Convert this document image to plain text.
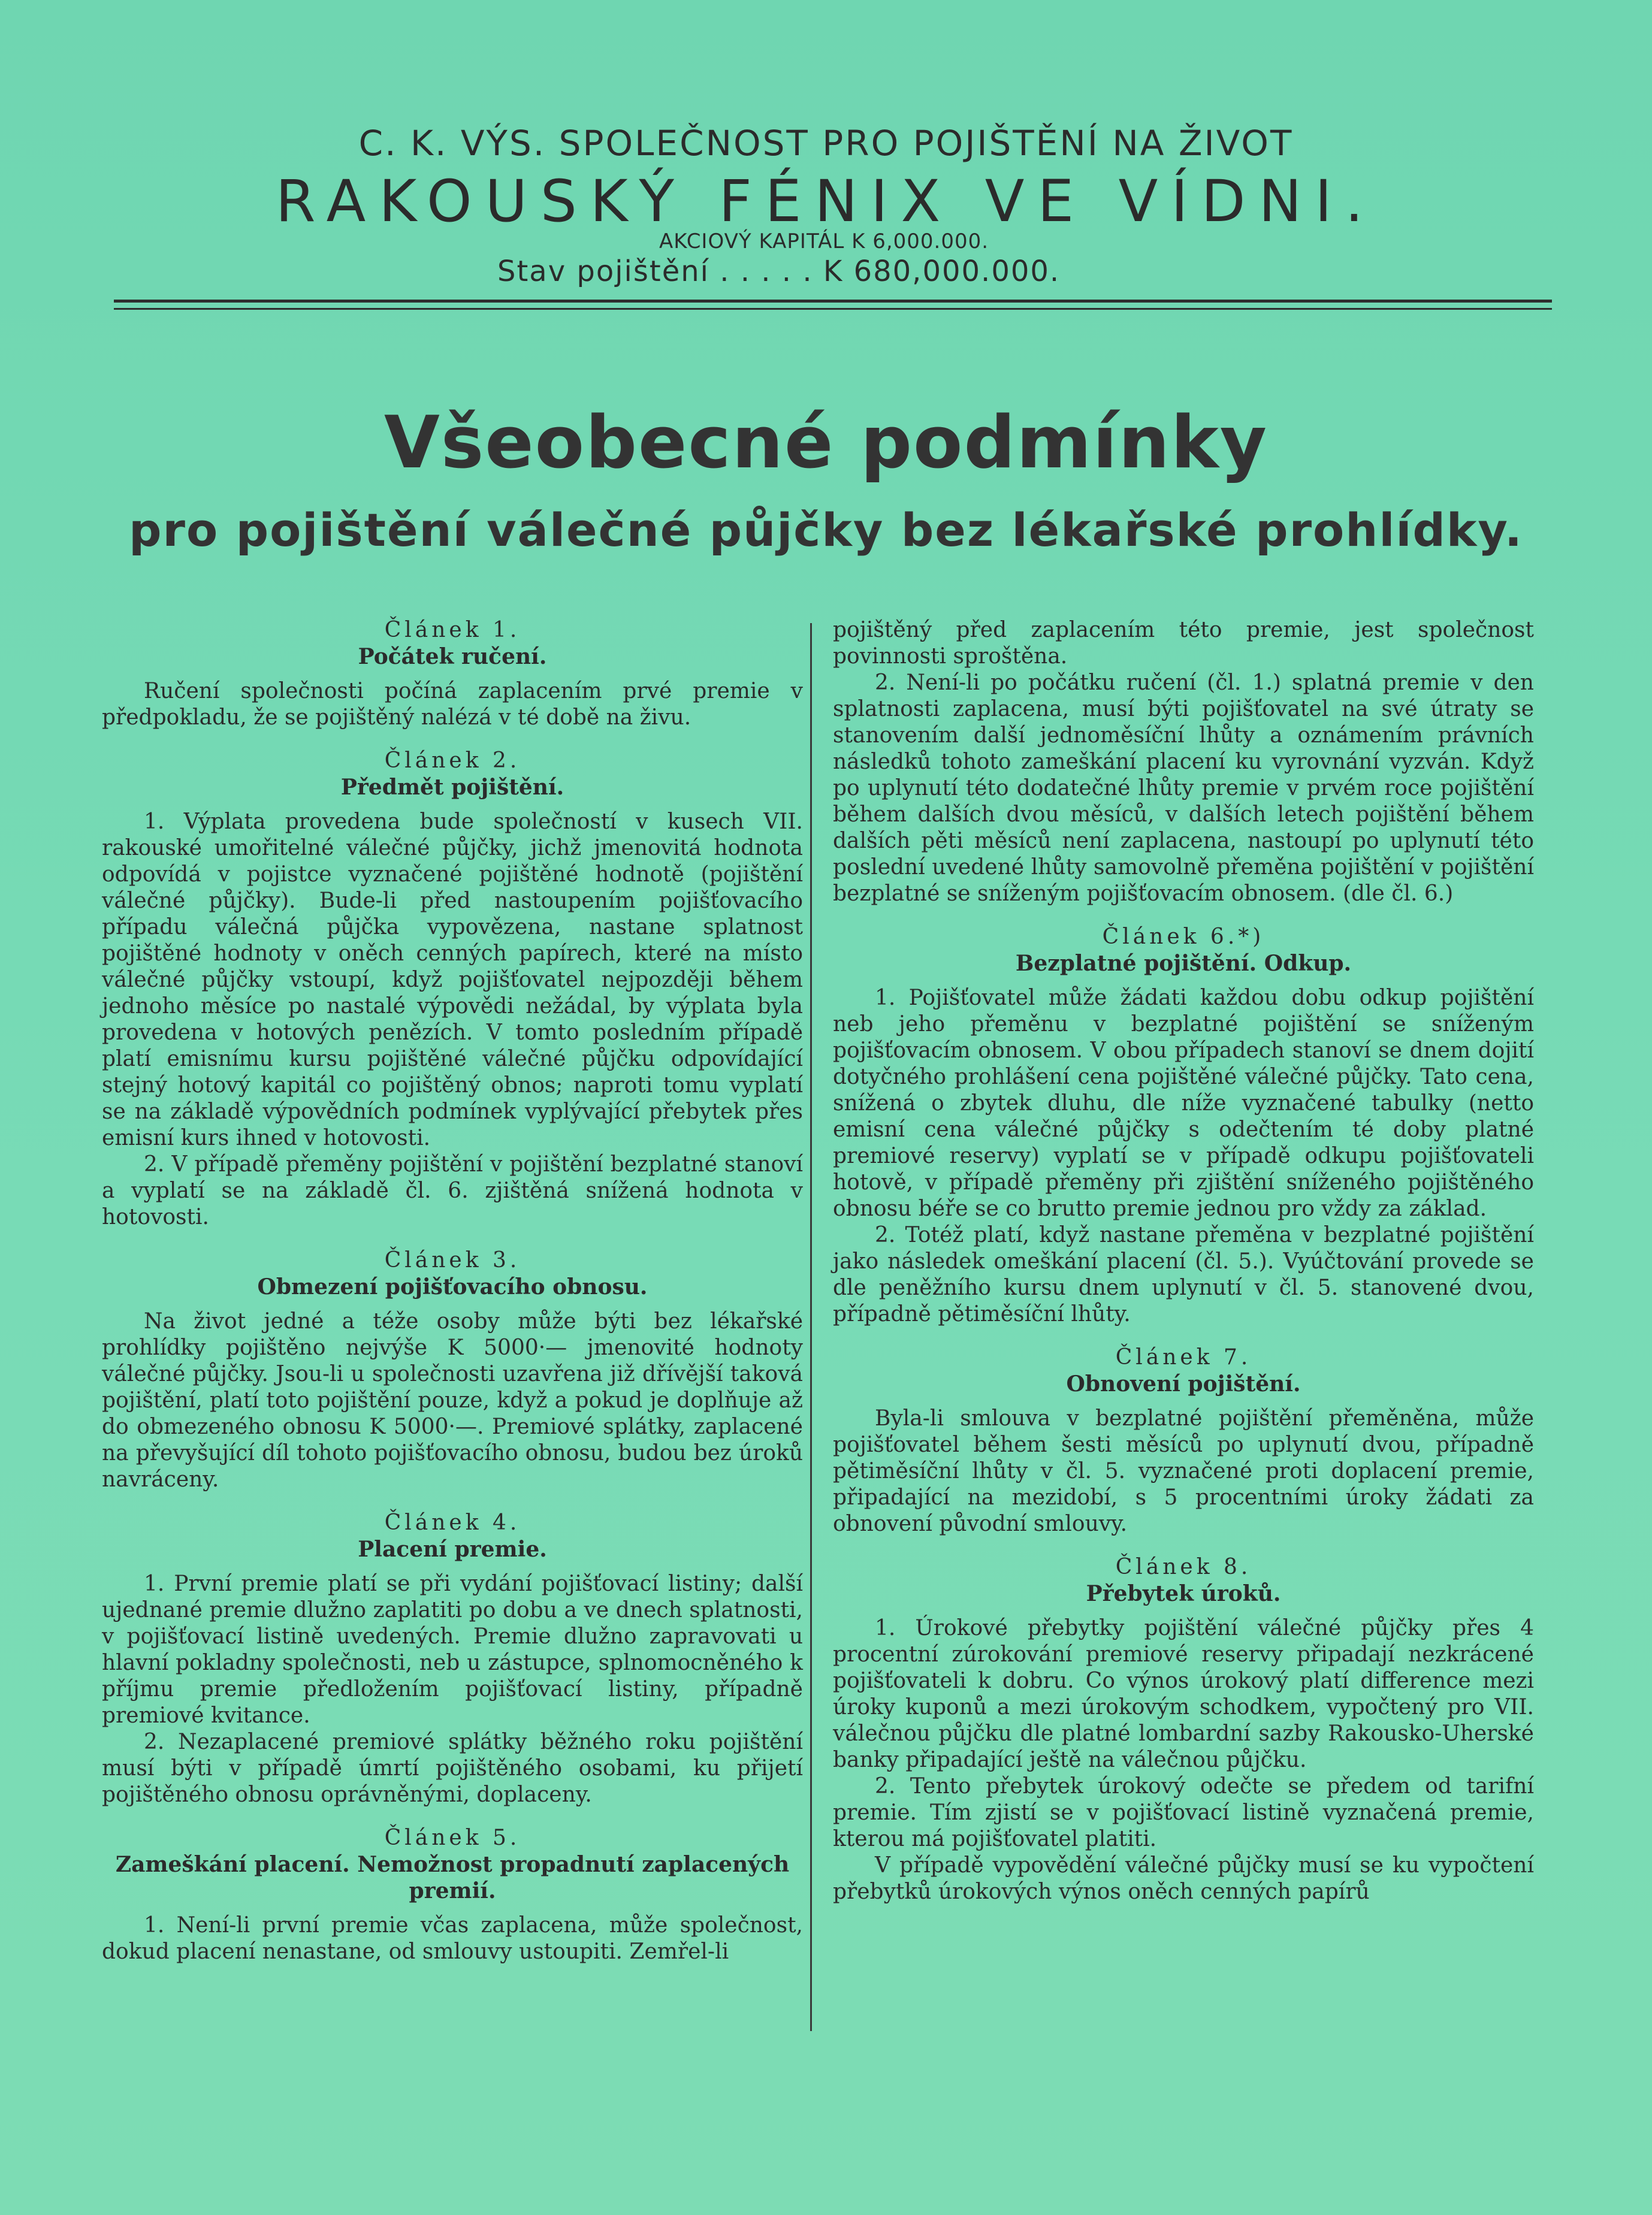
C. K. VÝS. SPOLEČNOST PRO POJIŠTĚNÍ NA ŽIVOT
RAKOUSKÝ FÉNIX VE VÍDNI.
AKCIOVÝ KAPITÁL K 6,000.000.
Stav pojištění . . . . . K 680,000.000.
Všeobecné podmínky
pro pojištění válečné půjčky bez lékařské prohlídky.
Článek 1.
Počátek ručení.

Ručení společnosti počíná zaplacením prvé premie v předpokladu, že se pojištěný nalézá v té době na živu.

Článek 2.
Předmět pojištění.

1. Výplata provedena bude společností v kusech VII. rakouské umořitelné válečné půjčky, jichž jmenovitá hodnota odpovídá v pojistce vyznačené pojištěné hodnotě (pojištění válečné půjčky). Bude-li před nastoupením pojišťovacího případu válečná půjčka vypovězena, nastane splatnost pojištěné hodnoty v oněch cenných papírech, které na místo válečné půjčky vstoupí, když pojišťovatel nejpozději během jednoho měsíce po nastalé výpovědi nežádal, by výplata byla provedena v hotových penězích. V tomto posledním případě platí emisnímu kursu pojištěné válečné půjčku odpovídající stejný hotový kapitál co pojištěný obnos; naproti tomu vyplatí se na základě výpovědních podmínek vyplývající přebytek přes emisní kurs ihned v hotovosti.

2. V případě přeměny pojištění v pojištění bezplatné stanoví a vyplatí se na základě čl. 6. zjištěná snížená hodnota v hotovosti.

Článek 3.
Obmezení pojišťovacího obnosu.

Na život jedné a téže osoby může býti bez lékařské prohlídky pojištěno nejvýše K 5000·— jmenovité hodnoty válečné půjčky. Jsou-li u společnosti uzavřena již dřívější taková pojištění, platí toto pojištění pouze, když a pokud je doplňuje až do obmezeného obnosu K 5000·—. Premiové splátky, zaplacené na převyšující díl tohoto pojišťovacího obnosu, budou bez úroků navráceny.

Článek 4.
Placení premie.

1. První premie platí se při vydání pojišťovací listiny; další ujednané premie dlužno zaplatiti po dobu a ve dnech splatnosti, v pojišťovací listině uvedených. Premie dlužno zapravovati u hlavní pokladny společnosti, neb u zástupce, splnomocněného k příjmu premie předložením pojišťovací listiny, případně premiové kvitance.

2. Nezaplacené premiové splátky běžného roku pojištění musí býti v případě úmrtí pojištěného osobami, ku přijetí pojištěného obnosu oprávněnými, doplaceny.

Článek 5.
Zameškání placení. Nemožnost propadnutí zaplacených premií.

1. Není-li první premie včas zaplacena, může společnost, dokud placení nenastane, od smlouvy ustoupiti. Zemřel-li

pojištěný před zaplacením této premie, jest společnost povinnosti sproštěna.

2. Není-li po počátku ručení (čl. 1.) splatná premie v den splatnosti zaplacena, musí býti pojišťovatel na své útraty se stanovením další jednoměsíční lhůty a oznámením právních následků tohoto zameškání placení ku vyrovnání vyzván. Když po uplynutí této dodatečné lhůty premie v prvém roce pojištění během dalších dvou měsíců, v dalších letech pojištění během dalších pěti měsíců není zaplacena, nastoupí po uplynutí této poslední uvedené lhůty samovolně přeměna pojištění v pojištění bezplatné se sníženým pojišťovacím obnosem. (dle čl. 6.)

Článek 6.*)
Bezplatné pojištění. Odkup.

1. Pojišťovatel může žádati každou dobu odkup pojištění neb jeho přeměnu v bezplatné pojištění se sníženým pojišťovacím obnosem. V obou případech stanoví se dnem dojití dotyčného prohlášení cena pojištěné válečné půjčky. Tato cena, snížená o zbytek dluhu, dle níže vyznačené tabulky (netto emisní cena válečné půjčky s odečtením té doby platné premiové reservy) vyplatí se v případě odkupu pojišťovateli hotově, v případě přeměny při zjištění sníženého pojištěného obnosu béře se co brutto premie jednou pro vždy za základ.

2. Totéž platí, když nastane přeměna v bezplatné pojištění jako následek omeškání placení (čl. 5.). Vyúčtování provede se dle peněžního kursu dnem uplynutí v čl. 5. stanovené dvou, případně pětiměsíční lhůty.

Článek 7.
Obnovení pojištění.

Byla-li smlouva v bezplatné pojištění přeměněna, může pojišťovatel během šesti měsíců po uplynutí dvou, případně pětiměsíční lhůty v čl. 5. vyznačené proti doplacení premie, připadající na mezidobí, s 5 procentními úroky žádati za obnovení původní smlouvy.

Článek 8.
Přebytek úroků.

1. Úrokové přebytky pojištění válečné půjčky přes 4 procentní zúrokování premiové reservy připadají nezkrácené pojišťovateli k dobru. Co výnos úrokový platí difference mezi úroky kuponů a mezi úrokovým schodkem, vypočtený pro VII. válečnou půjčku dle platné lombardní sazby Rakousko-Uherské banky připadající ještě na válečnou půjčku.

2. Tento přebytek úrokový odečte se předem od tarifní premie. Tím zjistí se v pojišťovací listině vyznačená premie, kterou má pojišťovatel platiti.

V případě vypovědění válečné půjčky musí se ku vypočtení přebytků úrokových výnos oněch cenných papírů
